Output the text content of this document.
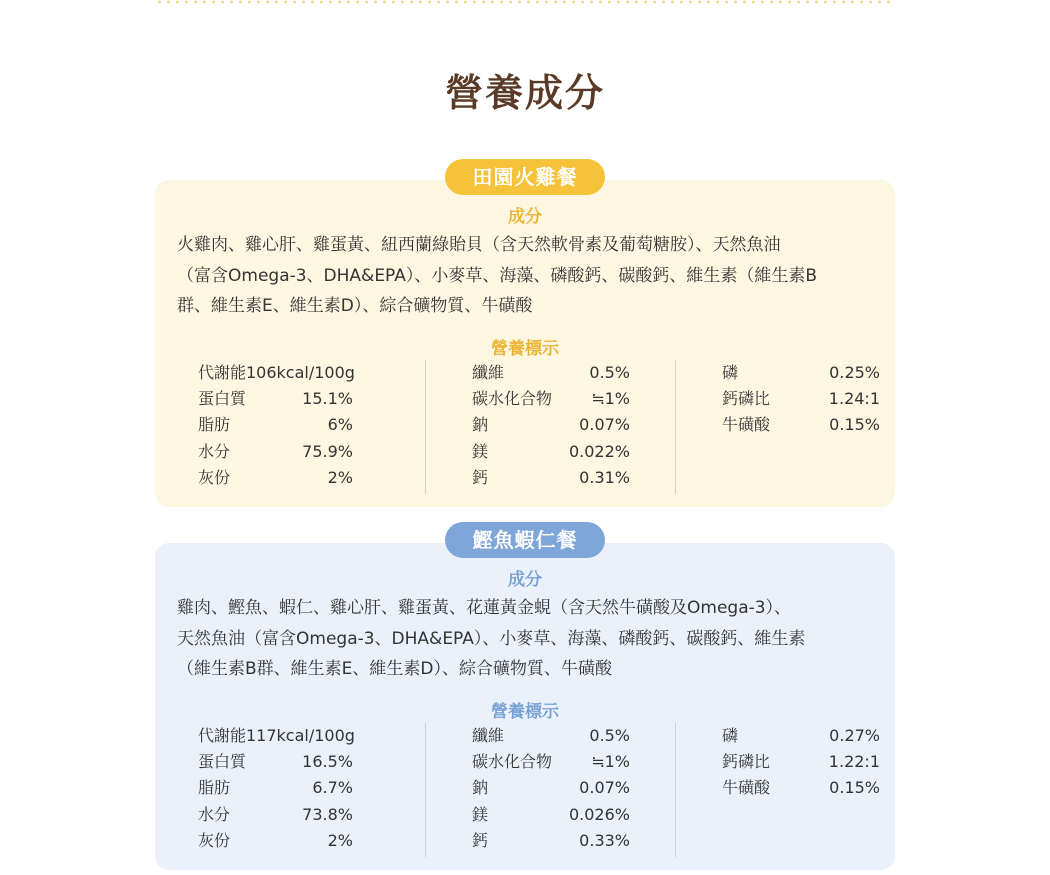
營養成分
成分
火雞肉、雞心肝、雞蛋黃、紐西蘭綠貽貝（含天然軟骨素及葡萄糖胺）、天然魚油
（富含Omega-3、DHA&EPA）、小麥草、海藻、磷酸鈣、碳酸鈣、維生素（維生素B
群、維生素E、維生素D）、綜合礦物質、牛磺酸
營養標示
代謝能106kcal/100g
蛋白質	15.1%
脂肪	6%
水分	75.9%
灰份	2%
纖維	0.5%
碳水化合物 ≒1%
鈉	0.07%
鎂	0.022%
鈣	0.31%
磷	0.25%
鈣磷比	1.24:1
牛磺酸	0.15%
田園火雞餐
成分
雞肉、鰹魚、蝦仁、雞心肝、雞蛋黃、花蓮黃金蜆（含天然牛磺酸及Omega-3）、
天然魚油（富含Omega-3、DHA&EPA）、小麥草、海藻、磷酸鈣、碳酸鈣、維生素
（維生素B群、維生素E、維生素D）、綜合礦物質、牛磺酸
營養標示
代謝能117kcal/100g
蛋白質	16.5%
脂肪	6.7%
水分	73.8%
灰份	2%
纖維	0.5%
碳水化合物 ≒1%
鈉	0.07%
鎂	0.026%
鈣	0.33%
磷	0.27%
鈣磷比	1.22:1
牛磺酸	0.15%
鰹魚蝦仁餐
